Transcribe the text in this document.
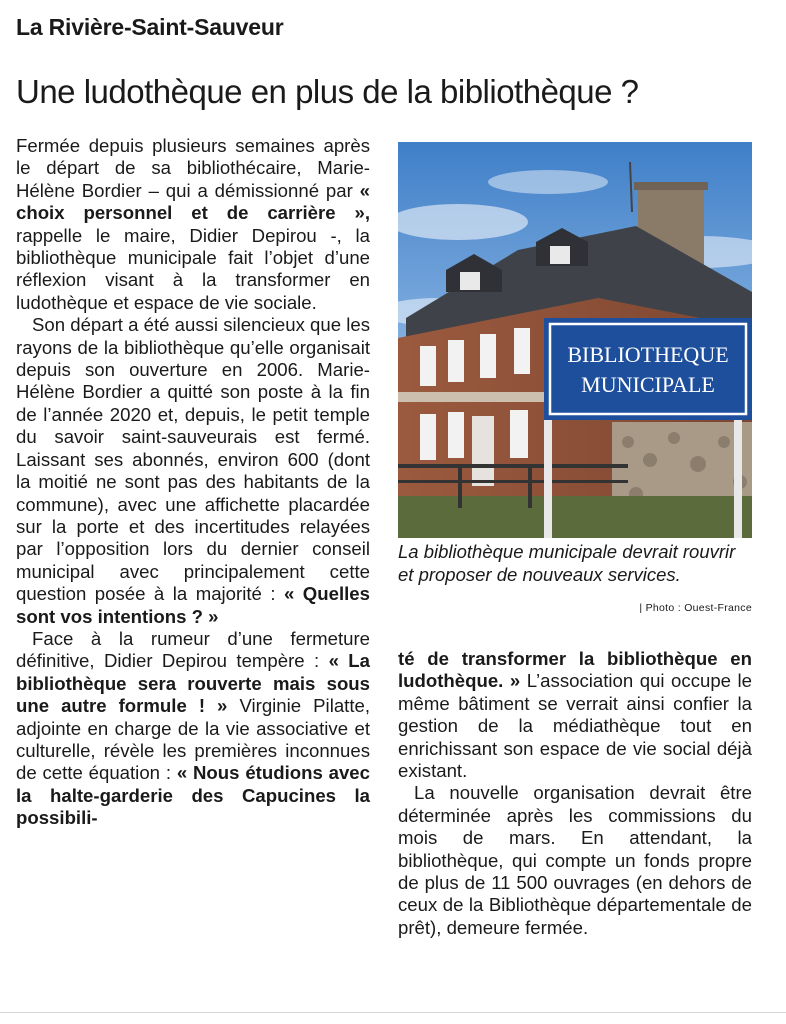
La Rivière-Saint-Sauveur
Une ludothèque en plus de la bibliothèque ?

Fermée depuis plusieurs semaines après le départ de sa bibliothécaire, Marie-Hélène Bordier – qui a démissionné par « choix personnel et de carrière », rappelle le maire, Didier Depirou -, la bibliothèque municipale fait l’objet d’une réflexion visant à la transformer en ludothèque et espace de vie sociale.

Son départ a été aussi silencieux que les rayons de la bibliothèque qu’elle organisait depuis son ouverture en 2006. Marie-Hélène Bordier a quitté son poste à la fin de l’année 2020 et, depuis, le petit temple du savoir saint-sauveurais est fermé. Laissant ses abonnés, environ 600 (dont la moitié ne sont pas des habitants de la commune), avec une affichette placardée sur la porte et des incertitudes relayées par l’opposition lors du dernier conseil municipal avec principalement cette question posée à la majorité : « Quelles sont vos intentions ? »

Face à la rumeur d’une fermeture définitive, Didier Depirou tempère : « La bibliothèque sera rouverte mais sous une autre formule ! » Virginie Pilatte, adjointe en charge de la vie associative et culturelle, révèle les premières inconnues de cette équation : « Nous étudions avec la halte-garderie des Capucines la possibili-

BIBLIOTHEQUE
MUNICIPALE
La bibliothèque municipale devrait rouvrir et proposer de nouveaux services.
| Photo : Ouest-France

té de transformer la bibliothèque en ludothèque. » L’association qui occupe le même bâtiment se verrait ainsi confier la gestion de la médiathèque tout en enrichissant son espace de vie social déjà existant.

La nouvelle organisation devrait être déterminée après les commissions du mois de mars. En attendant, la bibliothèque, qui compte un fonds propre de plus de 11 500 ouvrages (en dehors de ceux de la Bibliothèque départementale de prêt), demeure fermée.
